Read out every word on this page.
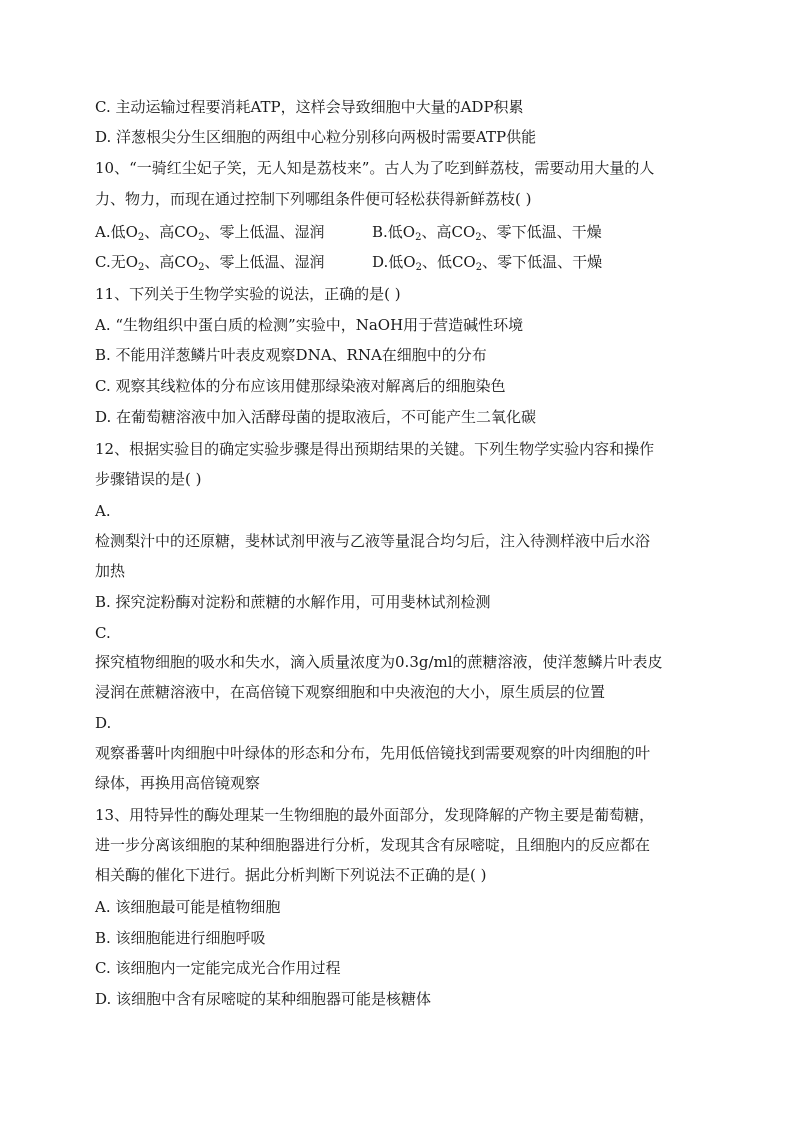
C. 主动运输过程要消耗ATP，这样会导致细胞中大量的ADP积累
D. 洋葱根尖分生区细胞的两组中心粒分别移向两极时需要ATP供能
10、“一骑红尘妃子笑，无人知是荔枝来”。古人为了吃到鲜荔枝，需要动用大量的人
力、物力，而现在通过控制下列哪组条件便可轻松获得新鲜荔枝( )
A.低$O_2$、高$CO_2$、零上低温、湿润	B.低$O_2$、高$CO_2$、零下低温、干燥
C.无$O_2$、高$CO_2$、零上低温、湿润	D.低$O_2$、低$CO_2$、零下低温、干燥
11、下列关于生物学实验的说法，正确的是( )
A. “生物组织中蛋白质的检测”实验中，NaOH用于营造碱性环境
B. 不能用洋葱鳞片叶表皮观察DNA、RNA在细胞中的分布
C. 观察其线粒体的分布应该用健那绿染液对解离后的细胞染色
D. 在葡萄糖溶液中加入活酵母菌的提取液后，不可能产生二氧化碳
12、根据实验目的确定实验步骤是得出预期结果的关键。下列生物学实验内容和操作
步骤错误的是( )
A.
检测梨汁中的还原糖，斐林试剂甲液与乙液等量混合均匀后，注入待测样液中后水浴
加热
B. 探究淀粉酶对淀粉和蔗糖的水解作用，可用斐林试剂检测
C.
探究植物细胞的吸水和失水，滴入质量浓度为0.3g/ml的蔗糖溶液，使洋葱鳞片叶表皮
浸润在蔗糖溶液中，在高倍镜下观察细胞和中央液泡的大小，原生质层的位置
D.
观察番薯叶肉细胞中叶绿体的形态和分布，先用低倍镜找到需要观察的叶肉细胞的叶
绿体，再换用高倍镜观察
13、用特异性的酶处理某一生物细胞的最外面部分，发现降解的产物主要是葡萄糖，
进一步分离该细胞的某种细胞器进行分析，发现其含有尿嘧啶，且细胞内的反应都在
相关酶的催化下进行。据此分析判断下列说法不正确的是( )
A. 该细胞最可能是植物细胞
B. 该细胞能进行细胞呼吸
C. 该细胞内一定能完成光合作用过程
D. 该细胞中含有尿嘧啶的某种细胞器可能是核糖体
